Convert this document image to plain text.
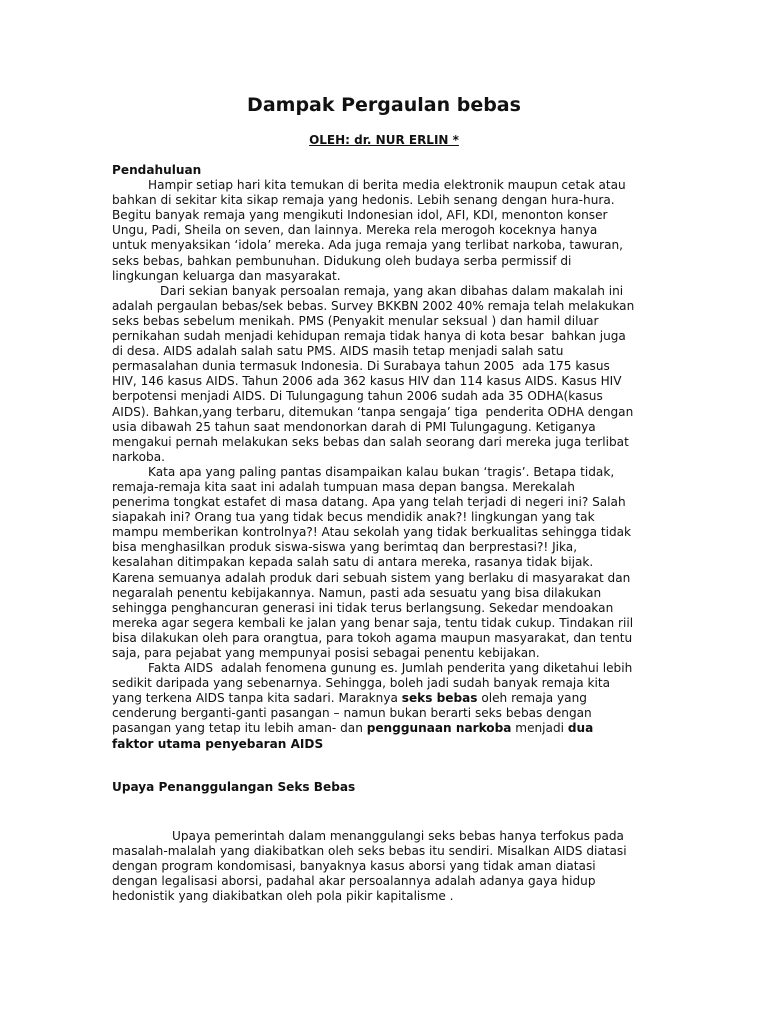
Dampak Pergaulan bebas
OLEH: dr. NUR ERLIN *
Pendahuluan
Hampir setiap hari kita temukan di berita media elektronik maupun cetak atau
bahkan di sekitar kita sikap remaja yang hedonis. Lebih senang dengan hura-hura.
Begitu banyak remaja yang mengikuti Indonesian idol, AFI, KDI, menonton konser
Ungu, Padi, Sheila on seven, dan lainnya. Mereka rela merogoh koceknya hanya
untuk menyaksikan ‘idola’ mereka. Ada juga remaja yang terlibat narkoba, tawuran,
seks bebas, bahkan pembunuhan. Didukung oleh budaya serba permissif di
lingkungan keluarga dan masyarakat.
Dari sekian banyak persoalan remaja, yang akan dibahas dalam makalah ini
adalah pergaulan bebas/sek bebas. Survey BKKBN 2002 40% remaja telah melakukan
seks bebas sebelum menikah. PMS (Penyakit menular seksual ) dan hamil diluar
pernikahan sudah menjadi kehidupan remaja tidak hanya di kota besar  bahkan juga
di desa. AIDS adalah salah satu PMS. AIDS masih tetap menjadi salah satu
permasalahan dunia termasuk Indonesia. Di Surabaya tahun 2005  ada 175 kasus
HIV, 146 kasus AIDS. Tahun 2006 ada 362 kasus HIV dan 114 kasus AIDS. Kasus HIV
berpotensi menjadi AIDS. Di Tulungagung tahun 2006 sudah ada 35 ODHA(kasus
AIDS). Bahkan,yang terbaru, ditemukan ‘tanpa sengaja’ tiga  penderita ODHA dengan
usia dibawah 25 tahun saat mendonorkan darah di PMI Tulungagung. Ketiganya
mengakui pernah melakukan seks bebas dan salah seorang dari mereka juga terlibat
narkoba.
Kata apa yang paling pantas disampaikan kalau bukan ‘tragis’. Betapa tidak,
remaja-remaja kita saat ini adalah tumpuan masa depan bangsa. Merekalah
penerima tongkat estafet di masa datang. Apa yang telah terjadi di negeri ini? Salah
siapakah ini? Orang tua yang tidak becus mendidik anak?! lingkungan yang tak
mampu memberikan kontrolnya?! Atau sekolah yang tidak berkualitas sehingga tidak
bisa menghasilkan produk siswa-siswa yang berimtaq dan berprestasi?! Jika,
kesalahan ditimpakan kepada salah satu di antara mereka, rasanya tidak bijak.
Karena semuanya adalah produk dari sebuah sistem yang berlaku di masyarakat dan
negaralah penentu kebijakannya. Namun, pasti ada sesuatu yang bisa dilakukan
sehingga penghancuran generasi ini tidak terus berlangsung. Sekedar mendoakan
mereka agar segera kembali ke jalan yang benar saja, tentu tidak cukup. Tindakan riil
bisa dilakukan oleh para orangtua, para tokoh agama maupun masyarakat, dan tentu
saja, para pejabat yang mempunyai posisi sebagai penentu kebijakan.
Fakta AIDS  adalah fenomena gunung es. Jumlah penderita yang diketahui lebih
sedikit daripada yang sebenarnya. Sehingga, boleh jadi sudah banyak remaja kita
yang terkena AIDS tanpa kita sadari. Maraknya seks bebas oleh remaja yang
cenderung berganti-ganti pasangan – namun bukan berarti seks bebas dengan
pasangan yang tetap itu lebih aman- dan penggunaan narkoba menjadi dua
faktor utama penyebaran AIDS
Upaya Penanggulangan Seks Bebas
Upaya pemerintah dalam menanggulangi seks bebas hanya terfokus pada
masalah-malalah yang diakibatkan oleh seks bebas itu sendiri. Misalkan AIDS diatasi
dengan program kondomisasi, banyaknya kasus aborsi yang tidak aman diatasi
dengan legalisasi aborsi, padahal akar persoalannya adalah adanya gaya hidup
hedonistik yang diakibatkan oleh pola pikir kapitalisme .
